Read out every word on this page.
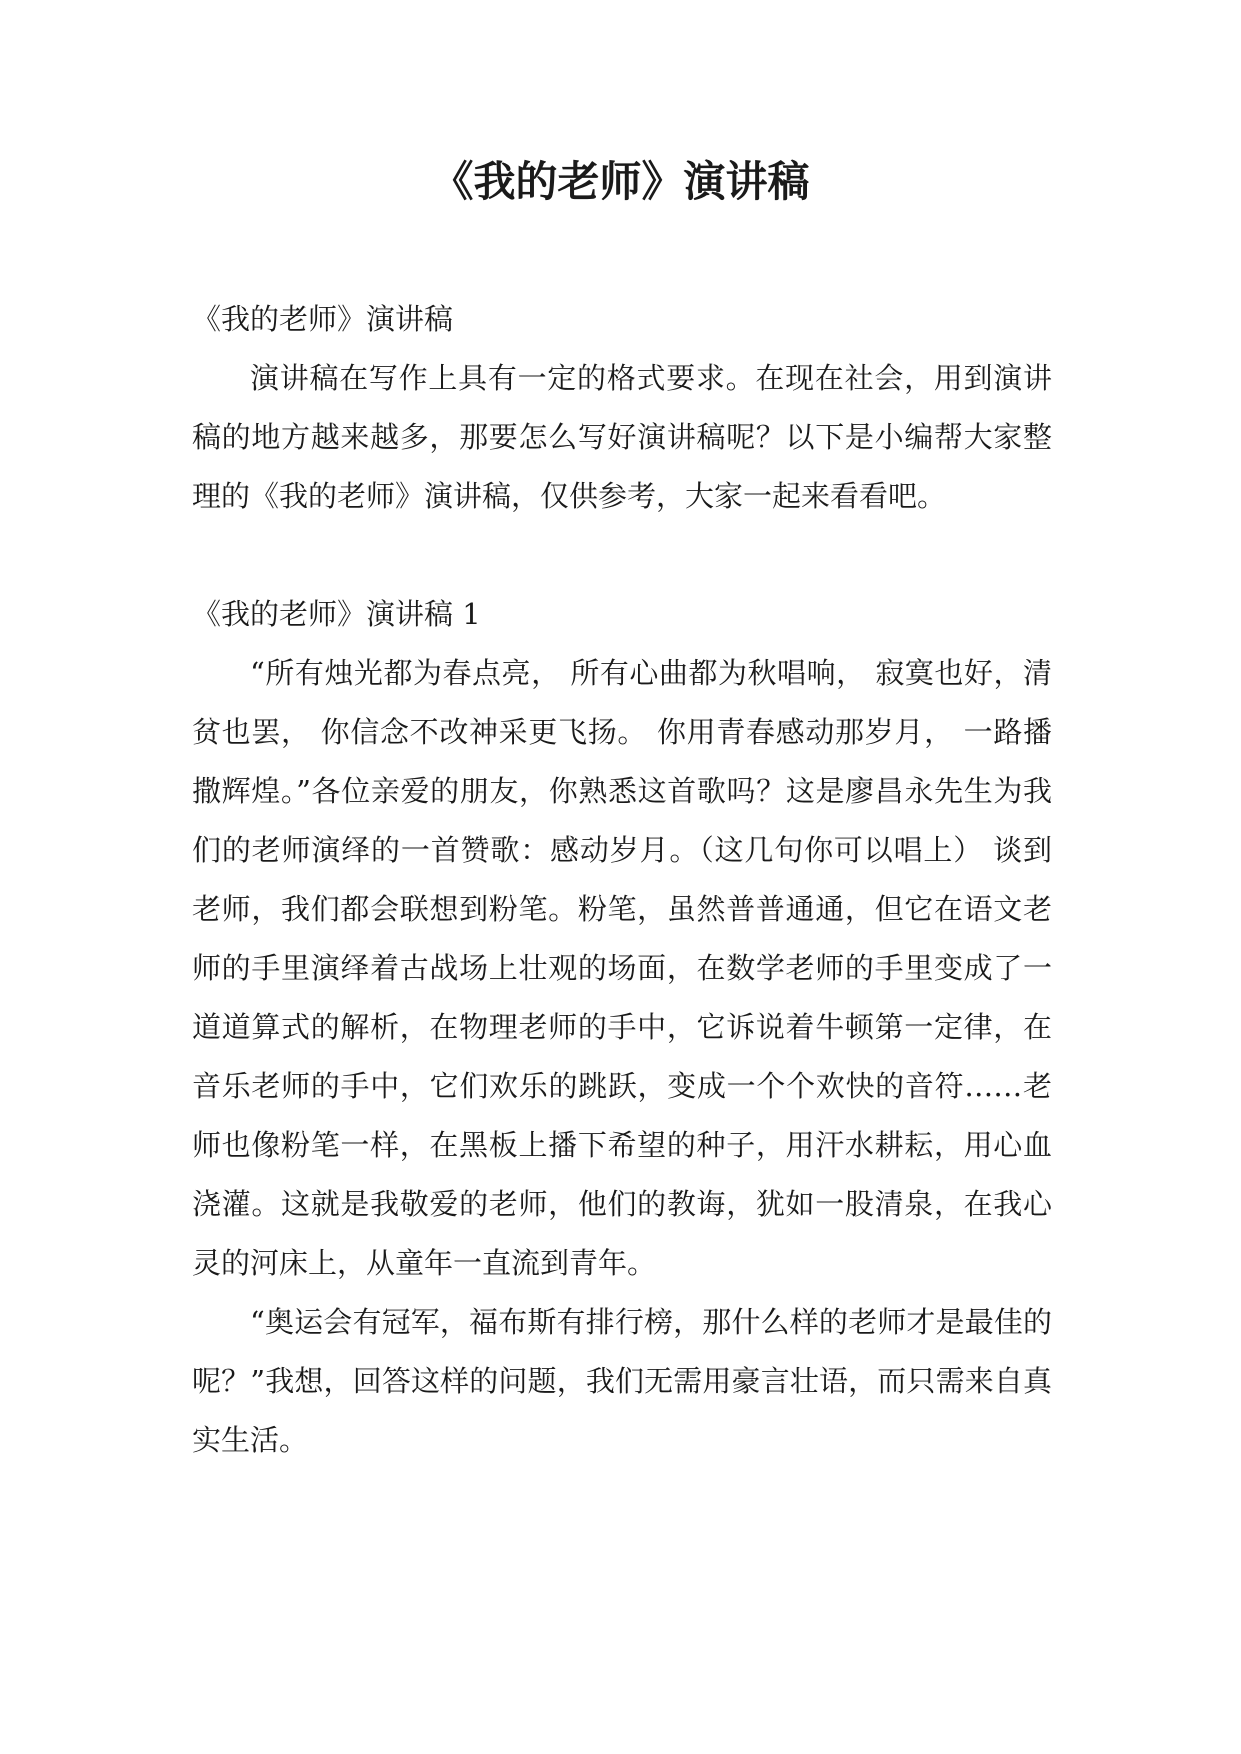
《我的老师》演讲稿

《我的老师》演讲稿

演讲稿在写作上具有一定的格式要求。在现在社会，用到演讲稿的地方越来越多，那要怎么写好演讲稿呢？以下是小编帮大家整理的《我的老师》演讲稿，仅供参考，大家一起来看看吧。

《我的老师》演讲稿 1

“所有烛光都为春点亮， 所有心曲都为秋唱响， 寂寞也好，清贫也罢， 你信念不改神采更飞扬。 你用青春感动那岁月， 一路播撒辉煌。”各位亲爱的朋友，你熟悉这首歌吗？这是廖昌永先生为我们的老师演绎的一首赞歌：感动岁月。（这几句你可以唱上） 谈到老师，我们都会联想到粉笔。粉笔，虽然普普通通，但它在语文老师的手里演绎着古战场上壮观的场面，在数学老师的手里变成了一道道算式的解析，在物理老师的手中，它诉说着牛顿第一定律，在音乐老师的手中，它们欢乐的跳跃，变成一个个欢快的音符……老师也像粉笔一样，在黑板上播下希望的种子，用汗水耕耘，用心血浇灌。这就是我敬爱的老师，他们的教诲，犹如一股清泉，在我心灵的河床上，从童年一直流到青年。

“奥运会有冠军，福布斯有排行榜，那什么样的老师才是最佳的呢？”我想，回答这样的问题，我们无需用豪言壮语，而只需来自真实生活。
